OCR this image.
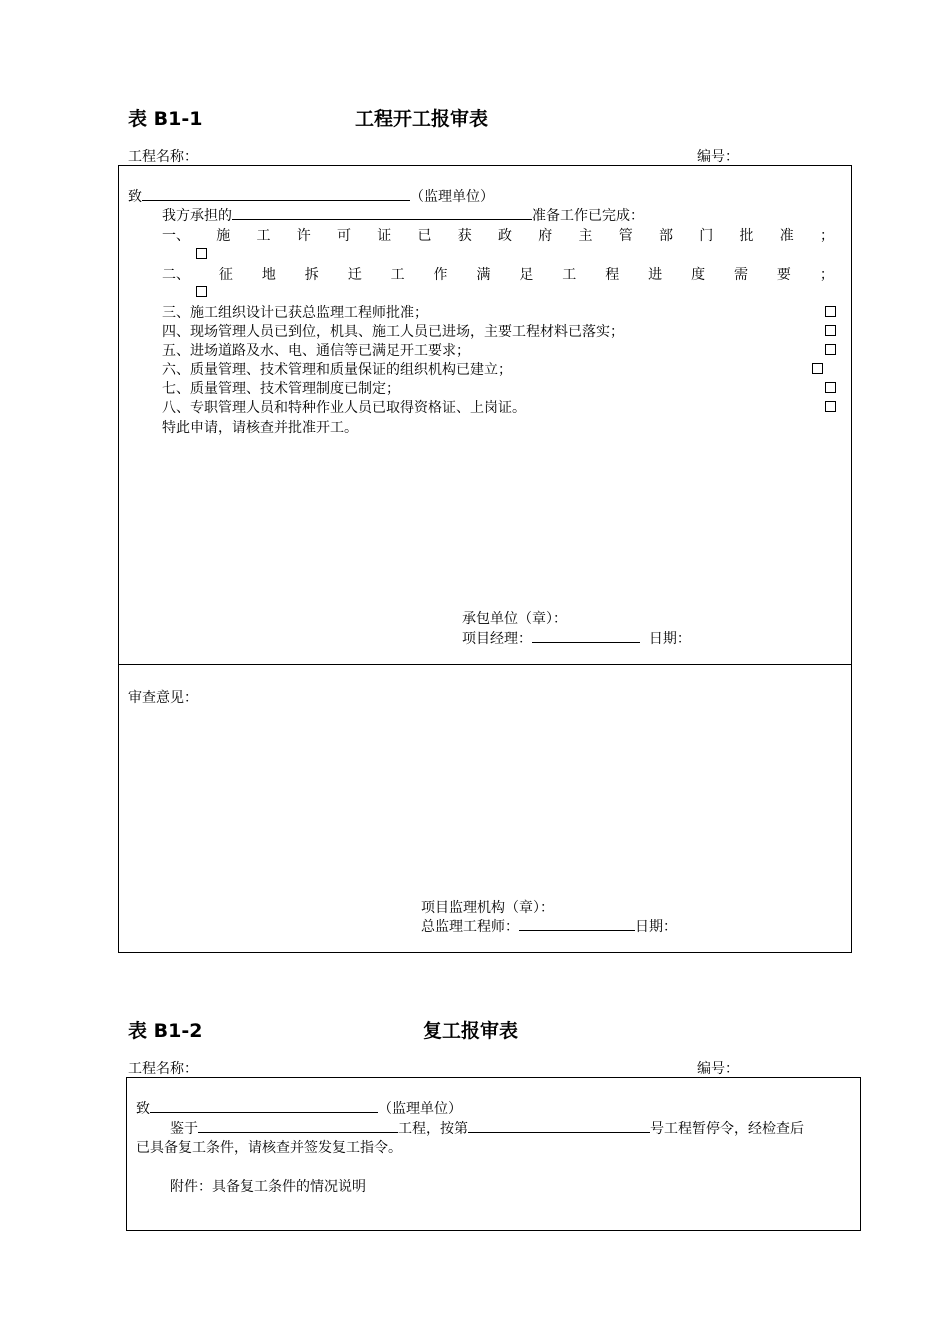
表 B1-1	工程开工报审表
工程名称：	编号：
致	（监理单位）
我方承担的	准备工作已完成：
一、 施 工 许 可 证 已 获 政 府 主 管 部 门 批 准 ；
二、 征 地 拆 迁 工 作 满 足 工 程 进 度 需 要 ；
三、施工组织设计已获总监理工程师批准；
四、现场管理人员已到位，机具、施工人员已进场，主要工程材料已落实；
五、进场道路及水、电、通信等已满足开工要求；
六、质量管理、技术管理和质量保证的组织机构已建立；
七、质量管理、技术管理制度已制定；
八、专职管理人员和特种作业人员已取得资格证、上岗证。
特此申请，请核查并批准开工。
承包单位（章）：
项目经理：	日期：
审查意见：
项目监理机构（章）：
总监理工程师：	日期：
表 B1-2	复工报审表
工程名称：	编号：
致	（监理单位）
鉴于	工程，按第	号工程暂停令，经检查后
已具备复工条件，请核查并签发复工指令。
附件：具备复工条件的情况说明
